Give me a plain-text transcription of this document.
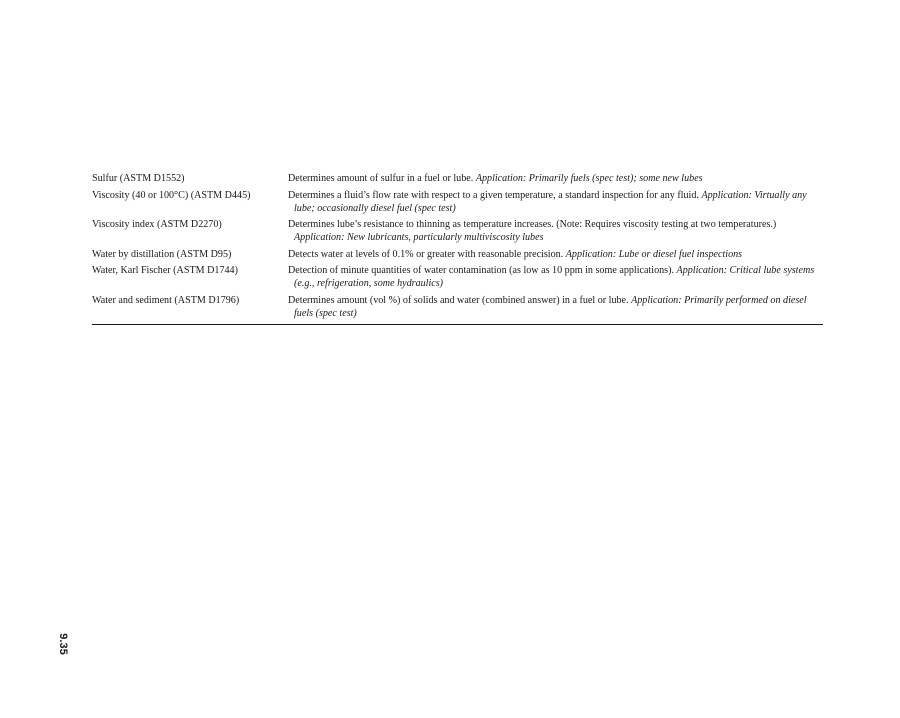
Sulfur (ASTM D1552)	Determines amount of sulfur in a fuel or lube. Application: Primarily fuels (spec test); some new lubes
Viscosity (40 or 100°C) (ASTM D445)	Determines a fluid’s flow rate with respect to a given temperature, a standard inspection for any fluid. Application: Virtually any lube; occasionally diesel fuel (spec test)
Viscosity index (ASTM D2270)	Determines lube’s resistance to thinning as temperature increases. (Note: Requires viscosity testing at two temperatures.) Application: New lubricants, particularly multiviscosity lubes
Water by distillation (ASTM D95)	Detects water at levels of 0.1% or greater with reasonable precision. Application: Lube or diesel fuel inspections
Water, Karl Fischer (ASTM D1744)	Detection of minute quantities of water contamination (as low as 10 ppm in some applications). Application: Critical lube systems (e.g., refrigeration, some hydraulics)
Water and sediment (ASTM D1796)	Determines amount (vol %) of solids and water (combined answer) in a fuel or lube. Application: Primarily performed on diesel fuels (spec test)
9.35
